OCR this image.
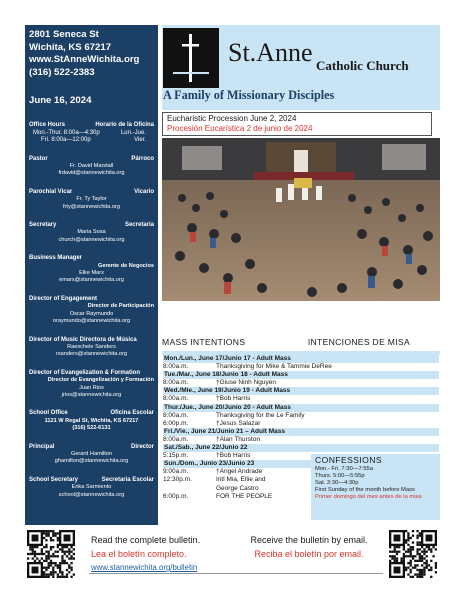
2801 Seneca St
Wichita, KS 67217
www.StAnneWichita.org
(316) 522-2383
June 16, 2024
Office Hours	Horario de la Oficina
Mon.-Thur. 8:00a—4:30p	Lun.-Jue.
Fri. 8:00a—12:00p	Vier.
Pastor	Párroco
Fr. David Marstall
frdavid@stannewichita.org
Parochial Vicar	Vicario
Fr. Ty Taylor
frty@stannewichita.org
Secretary	Secretaria
Maria Sosa
church@stannewichita.org
Business Manager
Gerente de Negocios
Elke Marx
emarx@stannewichita.org
Director of Engagement
Director de Participación
Oscar Raymundo
oraymundo@stannewichita.org
Director of Music Directora de Música
Raeschele Sanders
rsanders@stannewichita.org
Director of Evangelization & Formation
Director de Evangelización y Formación
Juan Rios
jrios@stannewichita.org
School Office	Oficina Escolar
1121 W Regal St, Wichita, KS 67217
(316) 522-6131
Principal	Director
Gerard Hamilton
ghamilton@stannewichita.org
School Secretary	Secretaria Escolar
Erika Sarmiento
school@stannewichita.org
St.Anne Catholic Church
A Family of Missionary Disciples
Eucharistic Procession June 2, 2024
Procesión Eucarística 2 de junio de 2024
MASS INTENTIONS	INTENCIONES DE MISA
Mon./Lun., June 17/Junio 17 - Adult Mass
8:00a.m.	Thanksgiving for Mike & Tammie DeRee
Tue./Mar., June 18/Junio 18 - Adult Mass
8:00a.m.	†Giuse Ninh Nguyen
Wed./Mie., June 19/Junio 19 - Adult Mass
8:00a.m.	†Bob Harris
Thur./Jue., June 20/Junio 20 - Adult Mass
8:00a.m.	Thanksgiving for the Le Family
6:00p.m.	†Jesus Salazar
Fri./Vie., June 21/Junio 21 – Adult Mass
8:00a.m.	†Alan Thurston
Sat./Sab., June 22/Junio 22
5:15p.m.	†Bob Harris
Sun./Dom., Junio 23/Junio 23
9:00a.m.	†Angel Andrade
12:30p.m.	Intl Mia, Ellie and
George Castro
6:00p.m.	FOR THE PEOPLE
CONFESSIONS
Mon.- Fri. 7:30—7:55a
Thurs. 5:00—5:55p
Sat. 3:30—4:30p
First Sunday of the month before Mass
Primer domingo del mes antes de la misa
Read the complete bulletin.
Lea el boletín completo.
www.stannewichita.org/bulletin
Receive the bulletin by email.
Reciba el boletín por email.
